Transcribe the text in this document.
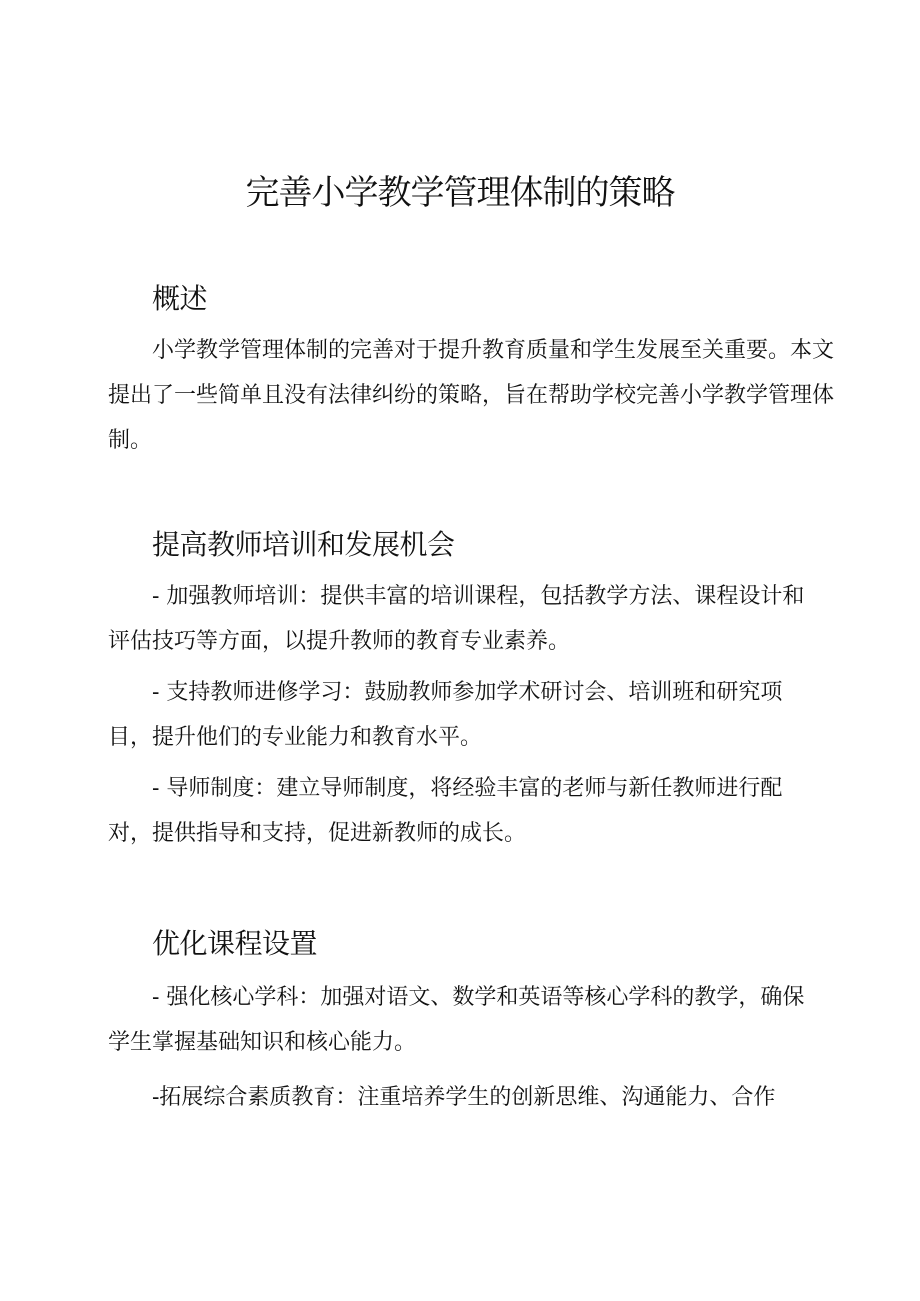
完善小学教学管理体制的策略
概述
小学教学管理体制的完善对于提升教育质量和学生发展至关重要。本文提出了一些简单且没有法律纠纷的策略，旨在帮助学校完善小学教学管理体制。
提高教师培训和发展机会
- 加强教师培训：提供丰富的培训课程，包括教学方法、课程设计和评估技巧等方面，以提升教师的教育专业素养。
- 支持教师进修学习：鼓励教师参加学术研讨会、培训班和研究项目，提升他们的专业能力和教育水平。
- 导师制度：建立导师制度，将经验丰富的老师与新任教师进行配对，提供指导和支持，促进新教师的成长。
优化课程设置
- 强化核心学科：加强对语文、数学和英语等核心学科的教学，确保学生掌握基础知识和核心能力。
-拓展综合素质教育：注重培养学生的创新思维、沟通能力、合作
